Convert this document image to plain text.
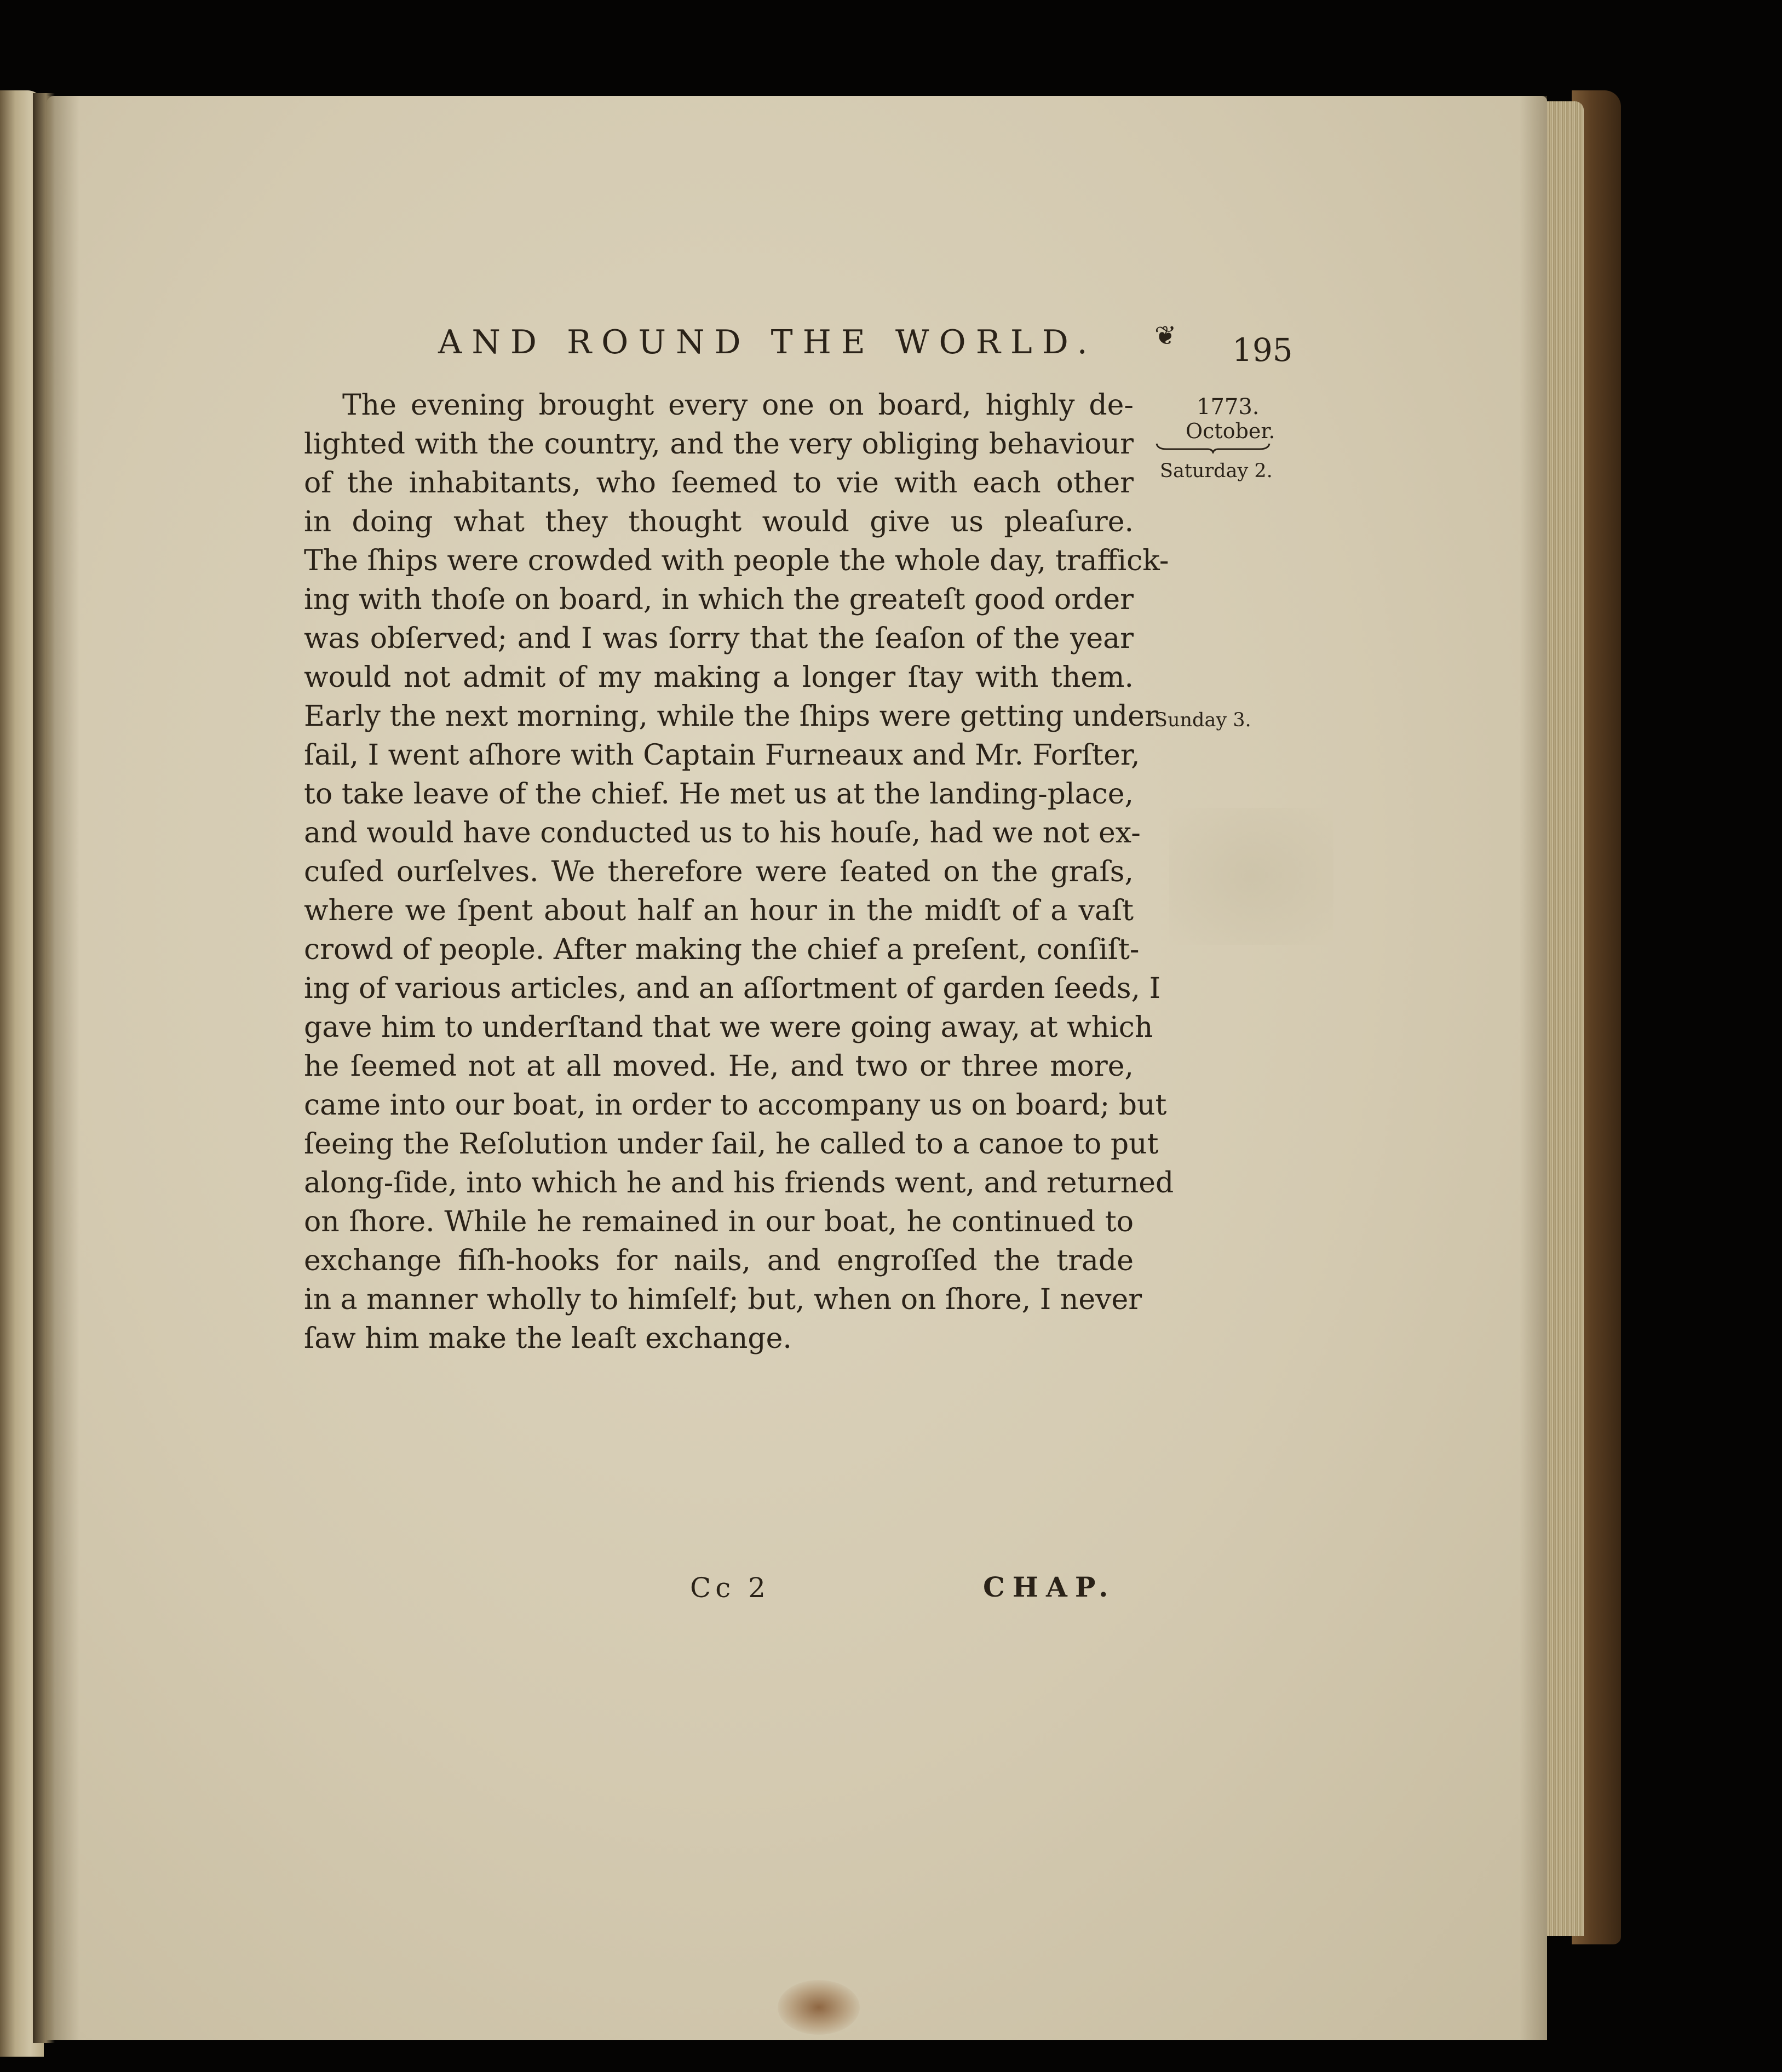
AND ROUND THE WORLD. ❦ 195
1773.
October.
Saturday 2.
Sunday 3.
The evening brought every one on board, highly de-
lighted with the country, and the very obliging behaviour
of the inhabitants, who ſeemed to vie with each other
in doing what they thought would give us pleaſure.
The ſhips were crowded with people the whole day, traffick-
ing with thoſe on board, in which the greateſt good order
was obſerved; and I was ſorry that the ſeaſon of the year
would not admit of my making a longer ſtay with them.
Early the next morning, while the ſhips were getting under
ſail, I went aſhore with Captain Furneaux and Mr. Forſter,
to take leave of the chief. He met us at the landing-place,
and would have conducted us to his houſe, had we not ex-
cuſed ourſelves. We therefore were ſeated on the graſs,
where we ſpent about half an hour in the midſt of a vaſt
crowd of people. After making the chief a preſent, conſiſt-
ing of various articles, and an aſſortment of garden ſeeds, I
gave him to underſtand that we were going away, at which
he ſeemed not at all moved. He, and two or three more,
came into our boat, in order to accompany us on board; but
ſeeing the Reſolution under ſail, he called to a canoe to put
along-ſide, into which he and his friends went, and returned
on ſhore. While he remained in our boat, he continued to
exchange fiſh-hooks for nails, and engroſſed the trade
in a manner wholly to himſelf; but, when on ſhore, I never
ſaw him make the leaſt exchange.
Cc 2	CHAP.
